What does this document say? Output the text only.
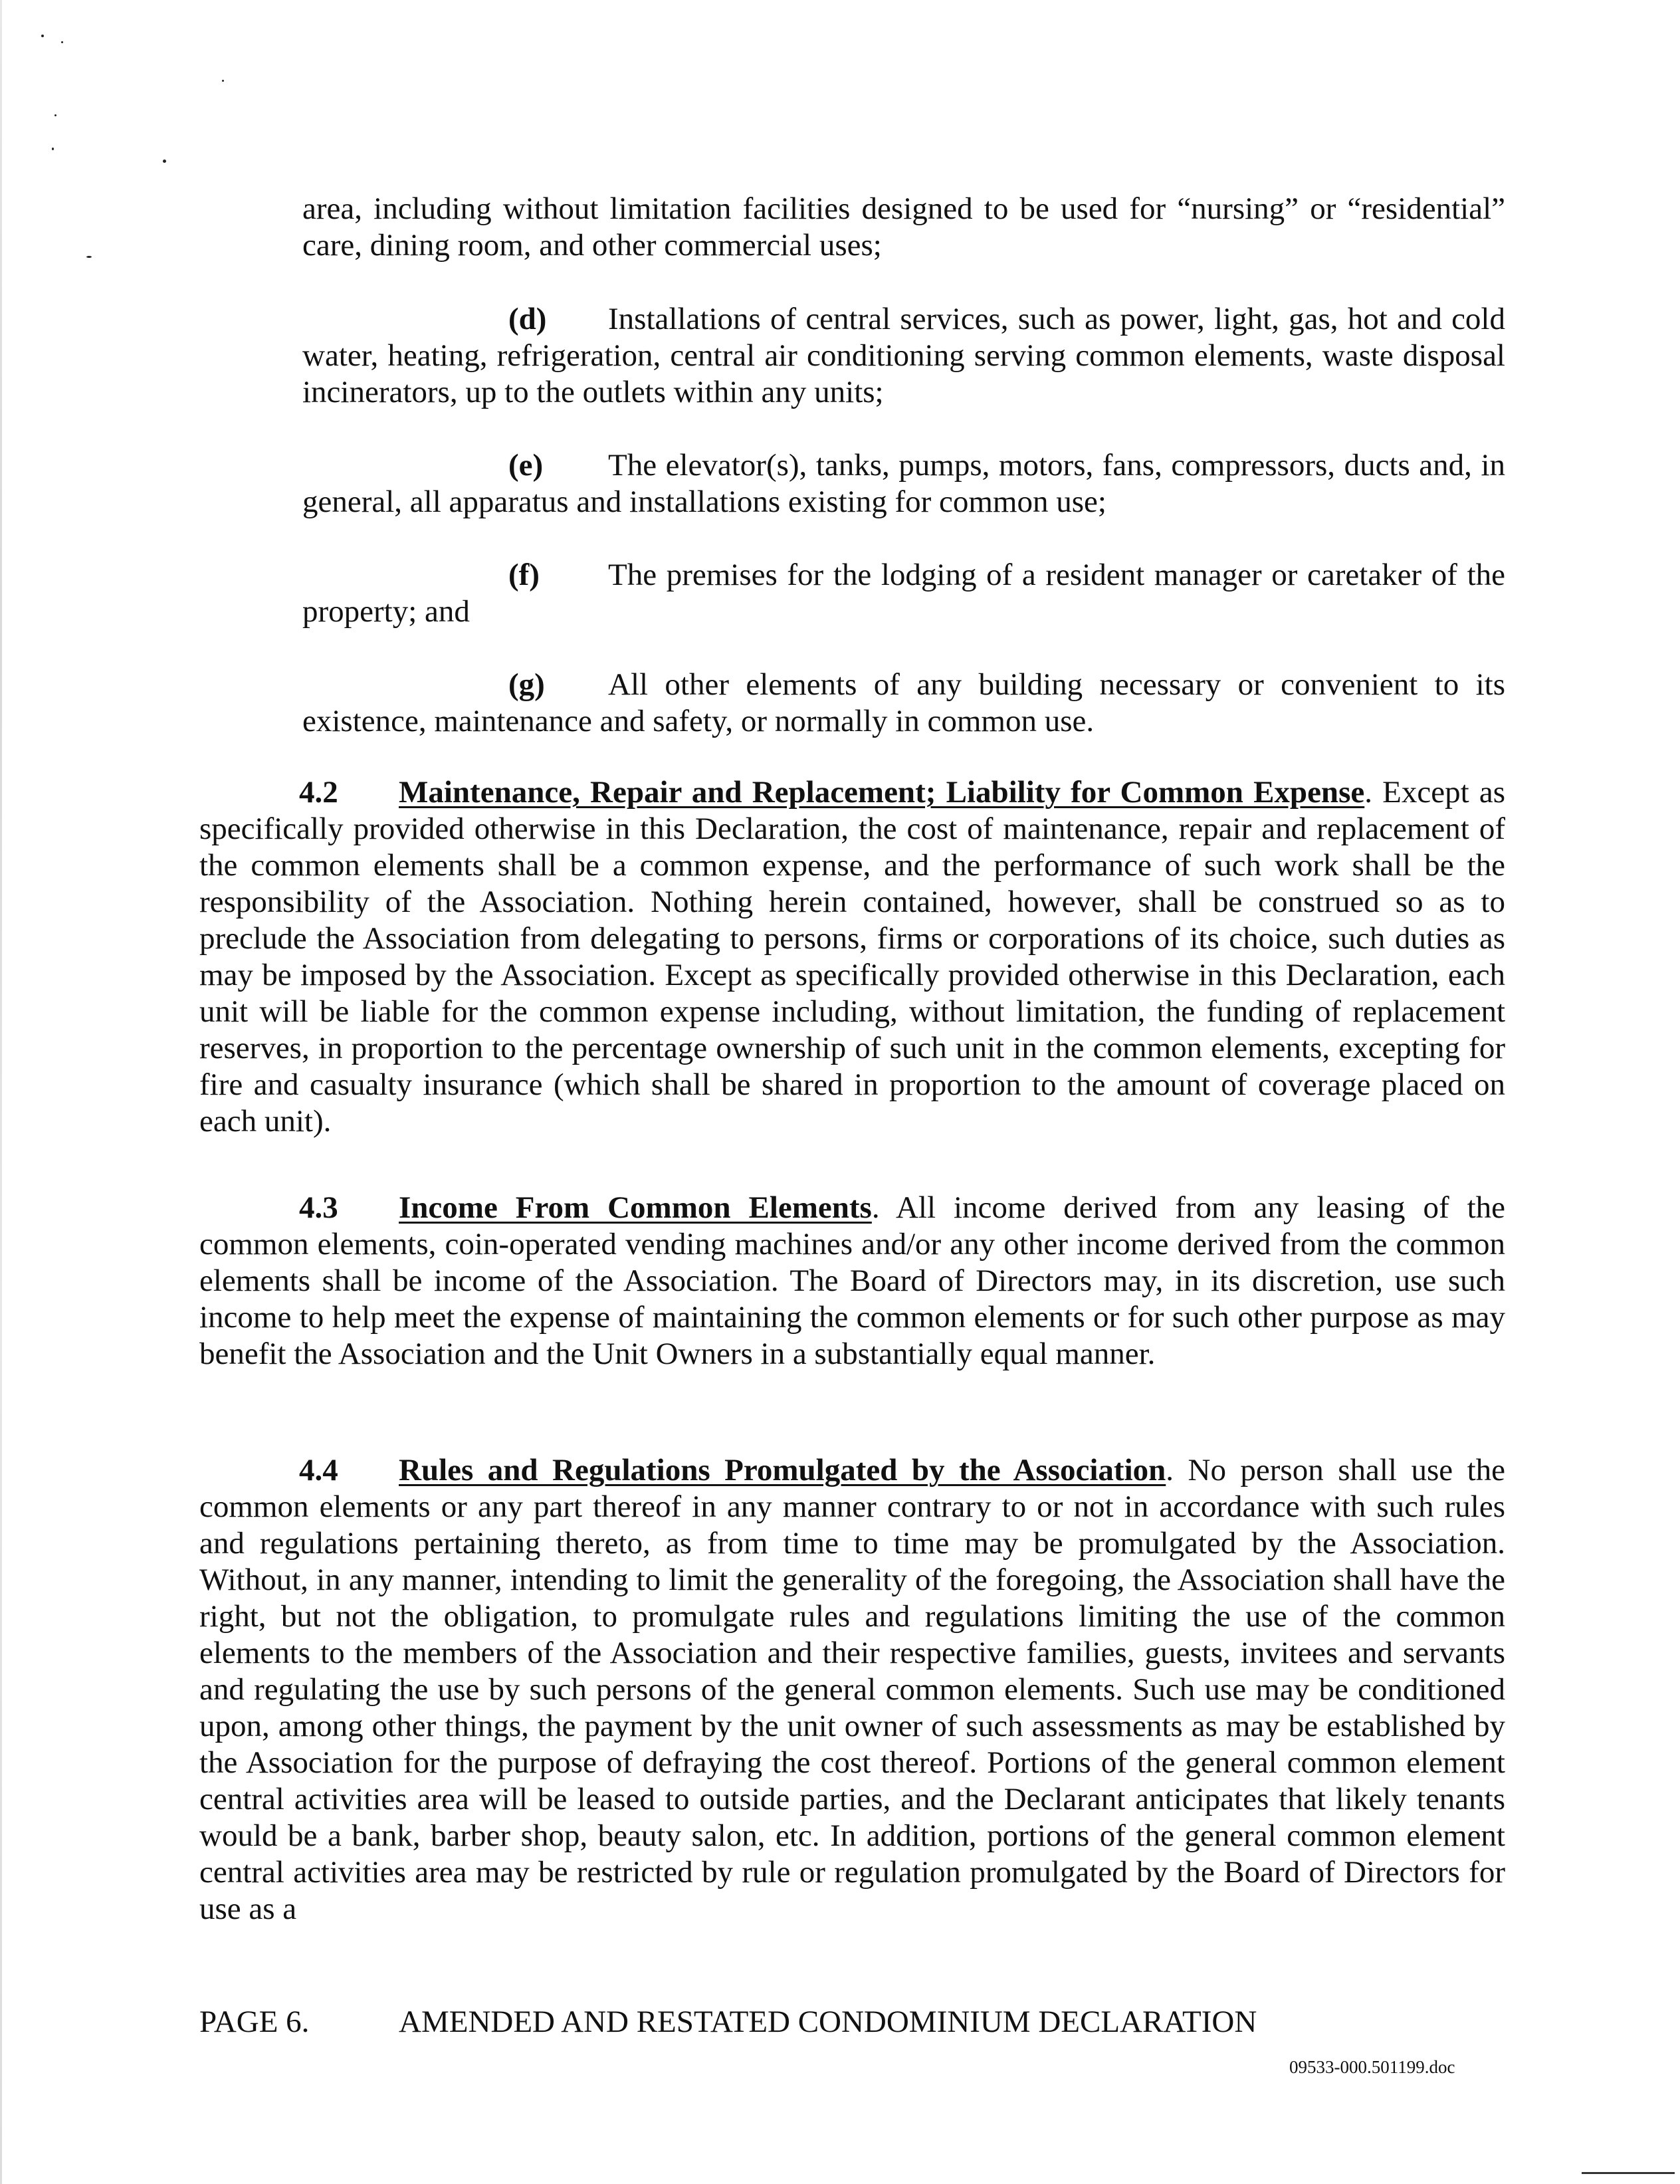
area, including without limitation facilities designed to be used for “nursing” or “residential” care, dining room, and other commercial uses;
(d) Installations of central services, such as power, light, gas, hot and cold water, heating, refrigeration, central air conditioning serving common elements, waste disposal incinerators, up to the outlets within any units;
(e) The elevator(s), tanks, pumps, motors, fans, compressors, ducts and, in general, all apparatus and installations existing for common use;
(f) The premises for the lodging of a resident manager or caretaker of the property; and
(g) All other elements of any building necessary or convenient to its existence, maintenance and safety, or normally in common use.
4.2 Maintenance, Repair and Replacement; Liability for Common Expense. Except as specifically provided otherwise in this Declaration, the cost of maintenance, repair and replacement of the common elements shall be a common expense, and the performance of such work shall be the responsibility of the Association. Nothing herein contained, however, shall be construed so as to preclude the Association from delegating to persons, firms or corporations of its choice, such duties as may be imposed by the Association. Except as specifically provided otherwise in this Declaration, each unit will be liable for the common expense including, without limitation, the funding of replacement reserves, in proportion to the percentage ownership of such unit in the common elements, excepting for fire and casualty insurance (which shall be shared in proportion to the amount of coverage placed on each unit).
4.3 Income From Common Elements. All income derived from any leasing of the common elements, coin-operated vending machines and/or any other income derived from the common elements shall be income of the Association. The Board of Directors may, in its discretion, use such income to help meet the expense of maintaining the common elements or for such other purpose as may benefit the Association and the Unit Owners in a substantially equal manner.
4.4 Rules and Regulations Promulgated by the Association. No person shall use the common elements or any part thereof in any manner contrary to or not in accordance with such rules and regulations pertaining thereto, as from time to time may be promulgated by the Association. Without, in any manner, intending to limit the generality of the foregoing, the Association shall have the right, but not the obligation, to promulgate rules and regulations limiting the use of the common elements to the members of the Association and their respective families, guests, invitees and servants and regulating the use by such persons of the general common elements. Such use may be conditioned upon, among other things, the payment by the unit owner of such assessments as may be established by the Association for the purpose of defraying the cost thereof. Portions of the general common element central activities area will be leased to outside parties, and the Declarant anticipates that likely tenants would be a bank, barber shop, beauty salon, etc. In addition, portions of the general common element central activities area may be restricted by rule or regulation promulgated by the Board of Directors for use as a
PAGE 6.	AMENDED AND RESTATED CONDOMINIUM DECLARATION
09533-000.501199.doc
